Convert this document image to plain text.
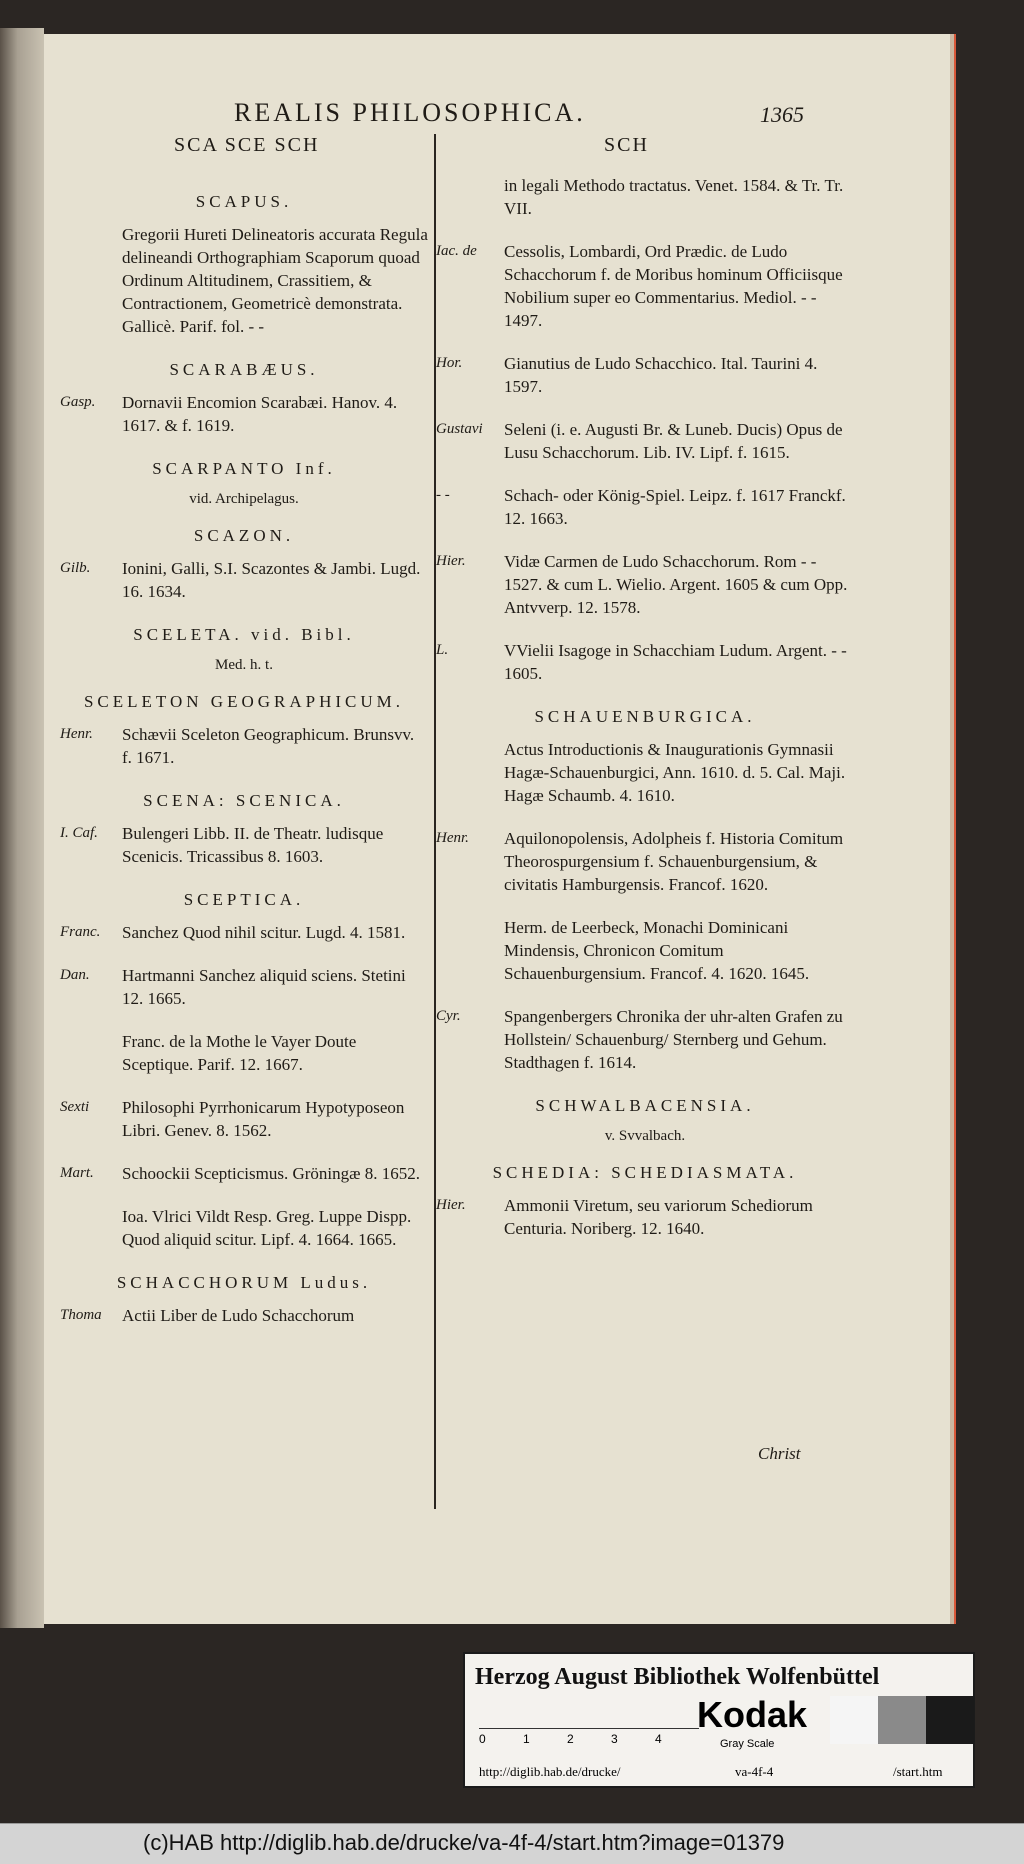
REALIS PHILOSOPHICA.	1365
SCA SCE SCH	SCH
SCAPUS.
Gregorii Hureti Delineatoris accurata Regula delineandi Orthographiam Scaporum quoad Ordinum Altitudinem, Crassitiem, & Contractionem, Geometricè demonstrata. Gallicè. Parif. fol. - -
SCARABÆUS.
Gasp.	Dornavii Encomion Scarabæi. Hanov. 4. 1617. & f. 1619.
SCARPANTO Inf.
vid. Archipelagus.
SCAZON.
Gilb.	Ionini, Galli, S.I. Scazontes & Jambi. Lugd. 16. 1634.
SCELETA. vid. Bibl.
Med. h. t.
SCELETON GEOGRAPHICUM.
Henr.	Schævii Sceleton Geographicum. Brunsvv. f. 1671.
SCENA: SCENICA.
I. Caf.	Bulengeri Libb. II. de Theatr. ludisque Scenicis. Tricassibus 8. 1603.
SCEPTICA.
Franc.	Sanchez Quod nihil scitur. Lugd. 4. 1581.
Dan.	Hartmanni Sanchez aliquid sciens. Stetini 12. 1665.
Franc. de la Mothe le Vayer Doute Sceptique. Parif. 12. 1667.
Sexti	Philosophi Pyrrhonicarum Hypotyposeon Libri. Genev. 8. 1562.
Mart.	Schoockii Scepticismus. Gröningæ 8. 1652.
Ioa. Vlrici Vildt Resp. Greg. Luppe Dispp. Quod aliquid scitur. Lipf. 4. 1664. 1665.
SCHACCHORUM Ludus.
Thoma	Actii Liber de Ludo Schacchorum
in legali Methodo tractatus. Venet. 1584. & Tr. Tr. VII.
Iac. de	Cessolis, Lombardi, Ord Prædic. de Ludo Schacchorum f. de Moribus hominum Officiisque Nobilium super eo Commentarius. Mediol. - - 1497.
Hor.	Gianutius de Ludo Schacchico. Ital. Taurini 4. 1597.
Gustavi	Seleni (i. e. Augusti Br. & Luneb. Ducis) Opus de Lusu Schacchorum. Lib. IV. Lipf. f. 1615.
- -	Schach- oder König-Spiel. Leipz. f. 1617 Franckf. 12. 1663.
Hier.	Vidæ Carmen de Ludo Schacchorum. Rom - - 1527. & cum L. Wielio. Argent. 1605 & cum Opp. Antvverp. 12. 1578.
L.	VVielii Isagoge in Schacchiam Ludum. Argent. - - 1605.
SCHAUENBURGICA.
Actus Introductionis & Inaugurationis Gymnasii Hagæ-Schauenburgici, Ann. 1610. d. 5. Cal. Maji. Hagæ Schaumb. 4. 1610.
Henr.	Aquilonopolensis, Adolpheis f. Historia Comitum Theorospurgensium f. Schauenburgensium, & civitatis Hamburgensis. Francof. 1620.
Herm. de Leerbeck, Monachi Dominicani Mindensis, Chronicon Comitum Schauenburgensium. Francof. 4. 1620. 1645.
Cyr.	Spangenbergers Chronika der uhr-alten Grafen zu Hollstein/ Schauenburg/ Sternberg und Gehum. Stadthagen f. 1614.
SCHWALBACENSIA.
v. Svvalbach.
SCHEDIA: SCHEDIASMATA.
Hier.	Ammonii Viretum, seu variorum Schediorum Centuria. Noriberg. 12. 1640.
Christ
Herzog August Bibliothek Wolfenbüttel
0	1	2	3	4
Kodak
Gray Scale
http://diglib.hab.de/drucke/	va-4f-4	/start.htm
(c)HAB http://diglib.hab.de/drucke/va-4f-4/start.htm?image=01379
